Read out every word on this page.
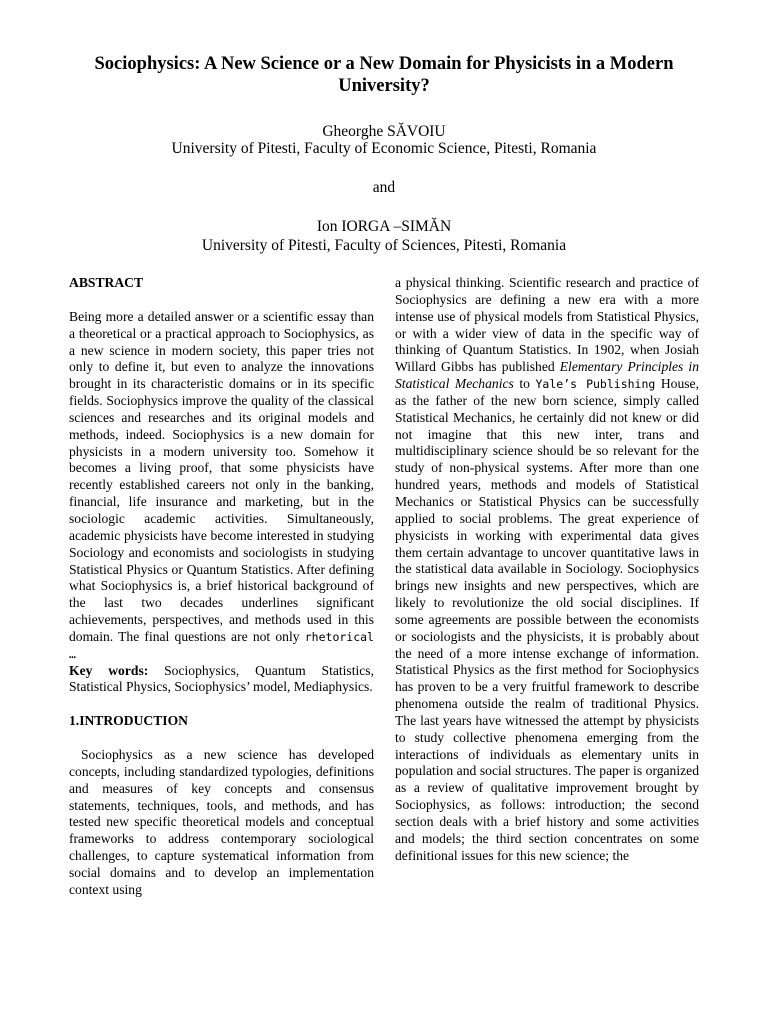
Sociophysics: A New Science or a New Domain for Physicists in a Modern University?

Gheorghe SĂVOIU

University of Pitesti, Faculty of Economic Science, Pitesti, Romania

and

Ion IORGA –SIMĂN

University of Pitesti, Faculty of Sciences, Pitesti, Romania

ABSTRACT

Being more a detailed answer or a scientific essay than a theoretical or a practical approach to Sociophysics, as a new science in modern society, this paper tries not only to define it, but even to analyze the innovations brought in its characteristic domains or in its specific fields. Sociophysics improve the quality of the classical sciences and researches and its original models and methods, indeed. Sociophysics is a new domain for physicists in a modern university too. Somehow it becomes a living proof, that some physicists have recently established careers not only in the banking, financial, life insurance and marketing, but in the sociologic academic activities. Simultaneously, academic physicists have become interested in studying Sociology and economists and sociologists in studying Statistical Physics or Quantum Statistics. After defining what Sociophysics is, a brief historical background of the last two decades underlines significant achievements, perspectives, and methods used in this domain. The final questions are not only rhetorical …

Key words: Sociophysics, Quantum Statistics, Statistical Physics, Sociophysics’ model, Mediaphysics.

1.INTRODUCTION

Sociophysics as a new science has developed concepts, including standardized typologies, definitions and measures of key concepts and consensus statements, techniques, tools, and methods, and has tested new specific theoretical models and conceptual frameworks to address contemporary sociological challenges, to capture systematical information from social domains and to develop an implementation context using

a physical thinking. Scientific research and practice of Sociophysics are defining a new era with a more intense use of physical models from Statistical Physics, or with a wider view of data in the specific way of thinking of Quantum Statistics. In 1902, when Josiah Willard Gibbs has published Elementary Principles in Statistical Mechanics to Yale’s Publishing House, as the father of the new born science, simply called Statistical Mechanics, he certainly did not knew or did not imagine that this new inter, trans and multidisciplinary science should be so relevant for the study of non-physical systems. After more than one hundred years, methods and models of Statistical Mechanics or Statistical Physics can be successfully applied to social problems. The great experience of physicists in working with experimental data gives them certain advantage to uncover quantitative laws in the statistical data available in Sociology. Sociophysics brings new insights and new perspectives, which are likely to revolutionize the old social disciplines. If some agreements are possible between the economists or sociologists and the physicists, it is probably about the need of a more intense exchange of information. Statistical Physics as the first method for Sociophysics has proven to be a very fruitful framework to describe phenomena outside the realm of traditional Physics. The last years have witnessed the attempt by physicists to study collective phenomena emerging from the interactions of individuals as elementary units in population and social structures. The paper is organized as a review of qualitative improvement brought by Sociophysics, as follows: introduction; the second section deals with a brief history and some activities and models; the third section concentrates on some definitional issues for this new science; the
